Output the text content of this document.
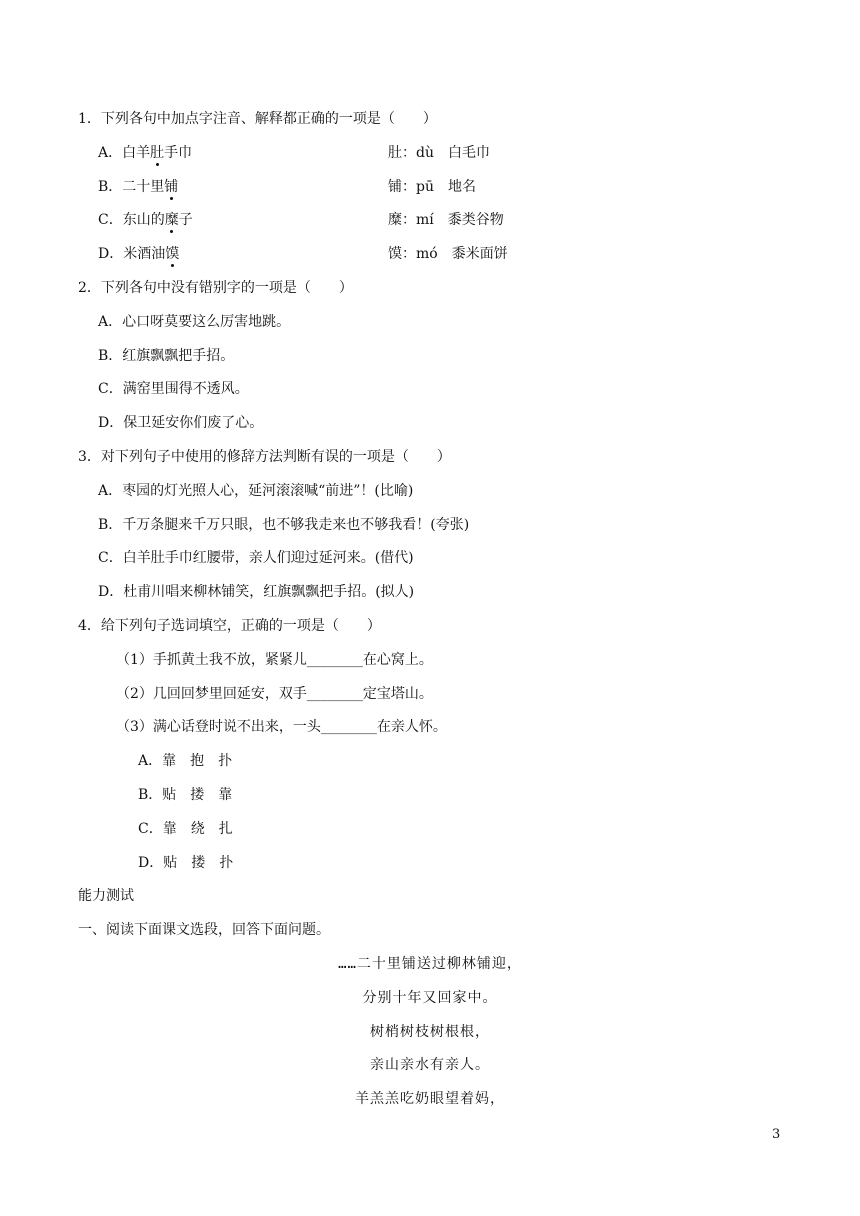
1．下列各句中加点字注音、解释都正确的一项是（　　）
A．白羊肚手巾	肚：dù　白毛巾
B．二十里铺	铺：pū　地名
C．东山的糜子	糜：mí　黍类谷物
D．米酒油馍	馍：mó　黍米面饼
2．下列各句中没有错别字的一项是（　　）
A．心口呀莫要这么厉害地跳。
B．红旗飘飘把手招。
C．满窑里围得不透风。
D．保卫延安你们废了心。
3．对下列句子中使用的修辞方法判断有误的一项是（　　）
A．枣园的灯光照人心，延河滚滚喊“前进”！(比喻)
B．千万条腿来千万只眼，也不够我走来也不够我看！(夸张)
C．白羊肚手巾红腰带，亲人们迎过延河来。(借代)
D．杜甫川唱来柳林铺笑，红旗飘飘把手招。(拟人)
4．给下列句子选词填空，正确的一项是（　　）
（1）手抓黄土我不放，紧紧儿________在心窝上。
（2）几回回梦里回延安，双手________定宝塔山。
（3）满心话登时说不出来，一头________在亲人怀。
A．靠　抱　扑
B．贴　搂　靠
C．靠　绕　扎
D．贴　搂　扑
能力测试
一、阅读下面课文选段，回答下面问题。
……二十里铺送过柳林铺迎，
分别十年又回家中。
树梢树枝树根根，
亲山亲水有亲人。
羊羔羔吃奶眼望着妈，
3
